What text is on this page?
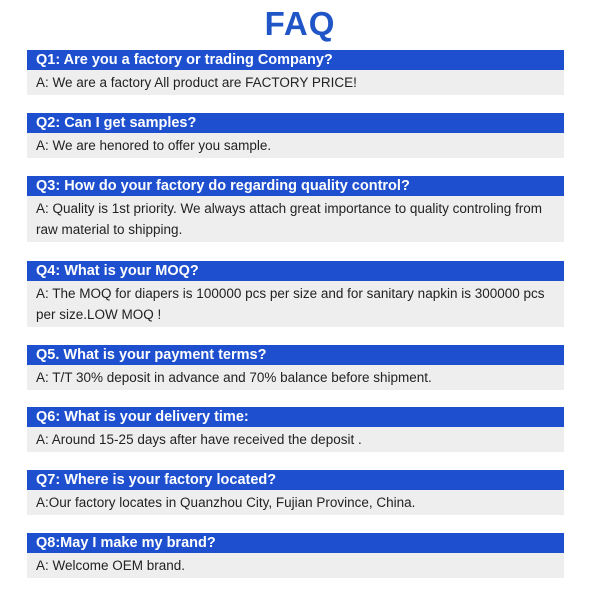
FAQ
Q1: Are you a factory or trading Company?
A: We are a factory All product are FACTORY PRICE!
Q2: Can I get samples?
A: We are henored to offer you sample.
Q3: How do your factory do regarding quality control?
A: Quality is 1st priority. We always attach great importance to quality controling from raw material to shipping.
Q4: What is your MOQ?
A: The MOQ for diapers is 100000 pcs per size and for sanitary napkin is 300000 pcs per size.LOW MOQ !
Q5. What is your payment terms?
A: T/T 30% deposit in advance and 70% balance before shipment.
Q6: What is your delivery time:
A: Around 15-25 days after have received the deposit .
Q7: Where is your factory located?
A:Our factory locates in Quanzhou City, Fujian Province, China.
Q8:May I make my brand?
A: Welcome OEM brand.
